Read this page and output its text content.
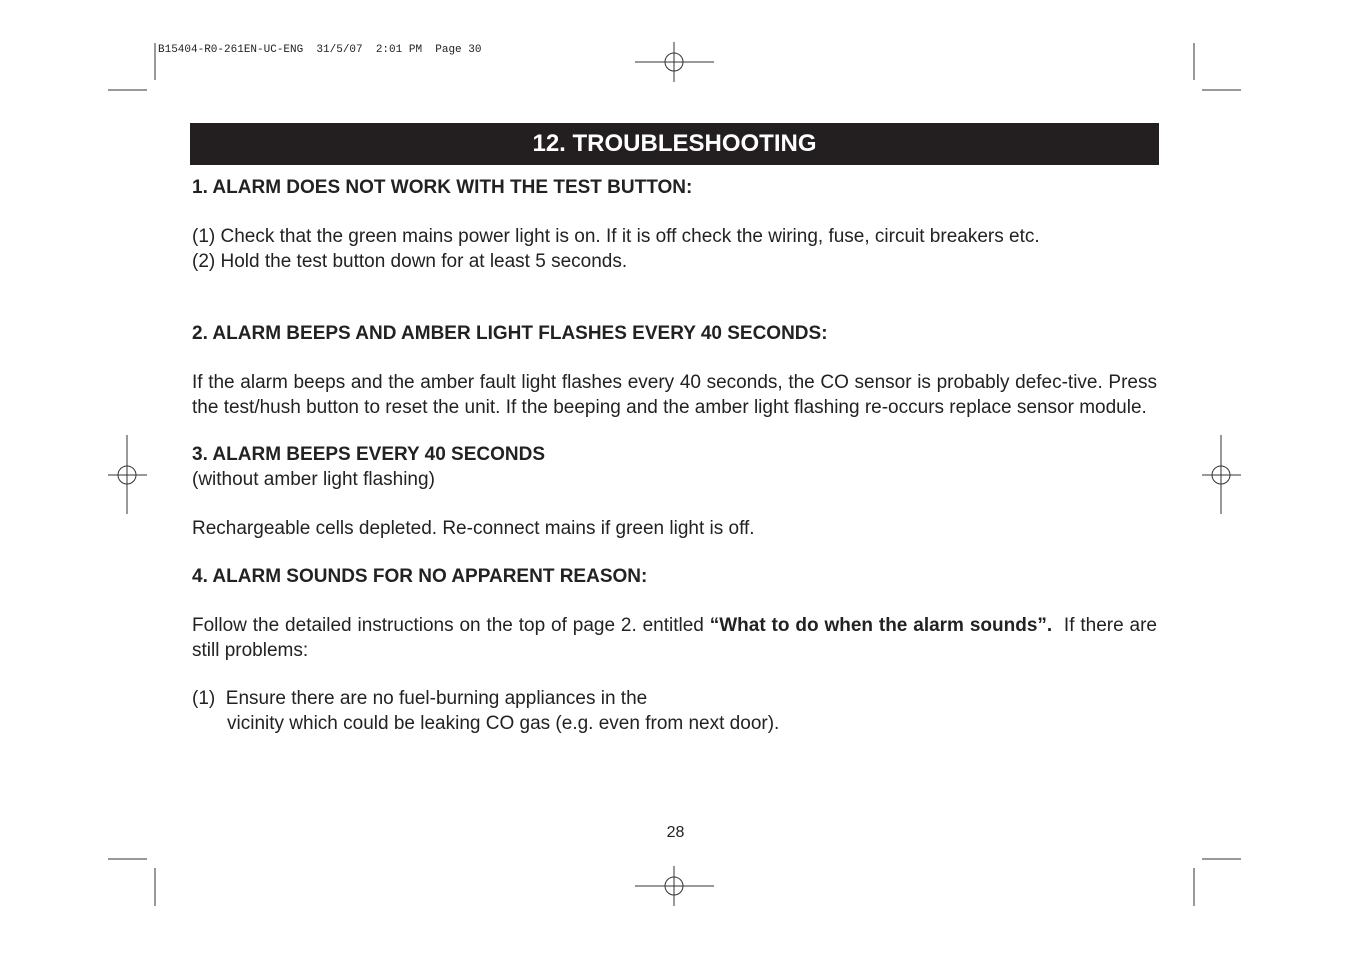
B15404-R0-261EN-UC-ENG  31/5/07  2:01 PM  Page 30
12. TROUBLESHOOTING

1. ALARM DOES NOT WORK WITH THE TEST BUTTON:

(1) Check that the green mains power light is on. If it is off check the wiring, fuse, circuit breakers etc.

(2) Hold the test button down for at least 5 seconds.

2. ALARM BEEPS AND AMBER LIGHT FLASHES EVERY 40 SECONDS:

If the alarm beeps and the amber fault light flashes every 40 seconds, the CO sensor is probably defec-tive. Press the test/hush button to reset the unit. If the beeping and the amber light flashing re-occurs replace sensor module.

3. ALARM BEEPS EVERY 40 SECONDS

(without amber light flashing)

Rechargeable cells depleted. Re-connect mains if green light is off.

4. ALARM SOUNDS FOR NO APPARENT REASON:

Follow the detailed instructions on the top of page 2. entitled “What to do when the alarm sounds”.  If there are still problems:

(1)  Ensure there are no fuel-burning appliances in the

vicinity which could be leaking CO gas (e.g. even from next door).

28
